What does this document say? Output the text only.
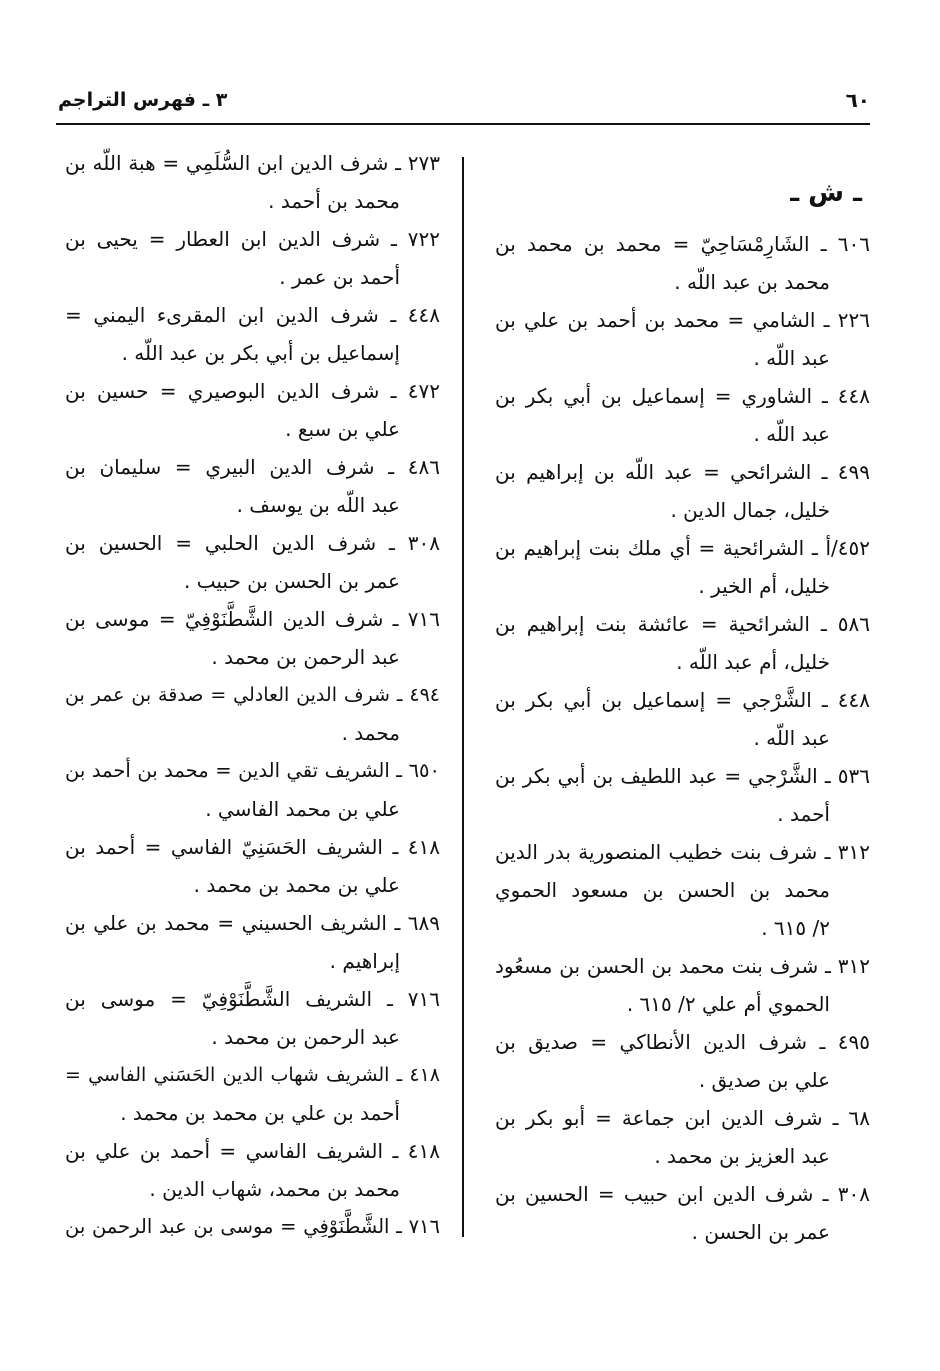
٦٠
٣ ـ فهرس التراجم
ـ ش ـ
٦٠٦ ـ الشَارِمْسَاحِيّ = محمد بن محمد بن
محمد بن عبد اللّه .
٢٢٦ ـ الشامي = محمد بن أحمد بن علي بن
عبد اللّه .
٤٤٨ ـ الشاوري = إسماعيل بن أبي بكر بن
عبد اللّه .
٤٩٩ ـ الشرائحي = عبد اللّه بن إبراهيم بن
خليل، جمال الدين .
٤٥٢/أ ـ الشرائحية = أي ملك بنت إبراهيم بن
خليل، أم الخير .
٥٨٦ ـ الشرائحية = عائشة بنت إبراهيم بن
خليل، أم عبد اللّه .
٤٤٨ ـ الشَّرْجي = إسماعيل بن أبي بكر بن
عبد اللّه .
٥٣٦ ـ الشَّرْجي = عبد اللطيف بن أبي بكر بن
أحمد .
٣١٢ ـ شرف بنت خطيب المنصورية بدر الدين
محمد بن الحسن بن مسعود الحموي
٢/ ٦١٥ .
٣١٢ ـ شرف بنت محمد بن الحسن بن مسعُود
الحموي أم علي ٢/ ٦١٥ .
٤٩٥ ـ شرف الدين الأنطاكي = صديق بن
علي بن صديق .
٦٨ ـ شرف الدين ابن جماعة = أبو بكر بن
عبد العزيز بن محمد .
٣٠٨ ـ شرف الدين ابن حبيب = الحسين بن
عمر بن الحسن .
٢٧٣ ـ شرف الدين ابن السُّلَمِي = هبة اللّه بن
محمد بن أحمد .
٧٢٢ ـ شرف الدين ابن العطار = يحيى بن
أحمد بن عمر .
٤٤٨ ـ شرف الدين ابن المقرىء اليمني =
إسماعيل بن أبي بكر بن عبد اللّه .
٤٧٢ ـ شرف الدين البوصيري = حسين بن
علي بن سبع .
٤٨٦ ـ شرف الدين البيري = سليمان بن
عبد اللّه بن يوسف .
٣٠٨ ـ شرف الدين الحلبي = الحسين بن
عمر بن الحسن بن حبيب .
٧١٦ ـ شرف الدين الشَّطَّنَوْفِيّ = موسى بن
عبد الرحمن بن محمد .
٤٩٤ ـ شرف الدين العادلي = صدقة بن عمر بن
محمد .
٦٥٠ ـ الشريف تقي الدين = محمد بن أحمد بن
علي بن محمد الفاسي .
٤١٨ ـ الشريف الحَسَنِيّ الفاسي = أحمد بن
علي بن محمد بن محمد .
٦٨٩ ـ الشريف الحسيني = محمد بن علي بن
إبراهيم .
٧١٦ ـ الشريف الشَّطَّنَوْفِيّ = موسى بن
عبد الرحمن بن محمد .
٤١٨ ـ الشريف شهاب الدين الحَسَني الفاسي =
أحمد بن علي بن محمد بن محمد .
٤١٨ ـ الشريف الفاسي = أحمد بن علي بن
محمد بن محمد، شهاب الدين .
٧١٦ ـ الشَّطَّنَوْفِي = موسى بن عبد الرحمن بن
